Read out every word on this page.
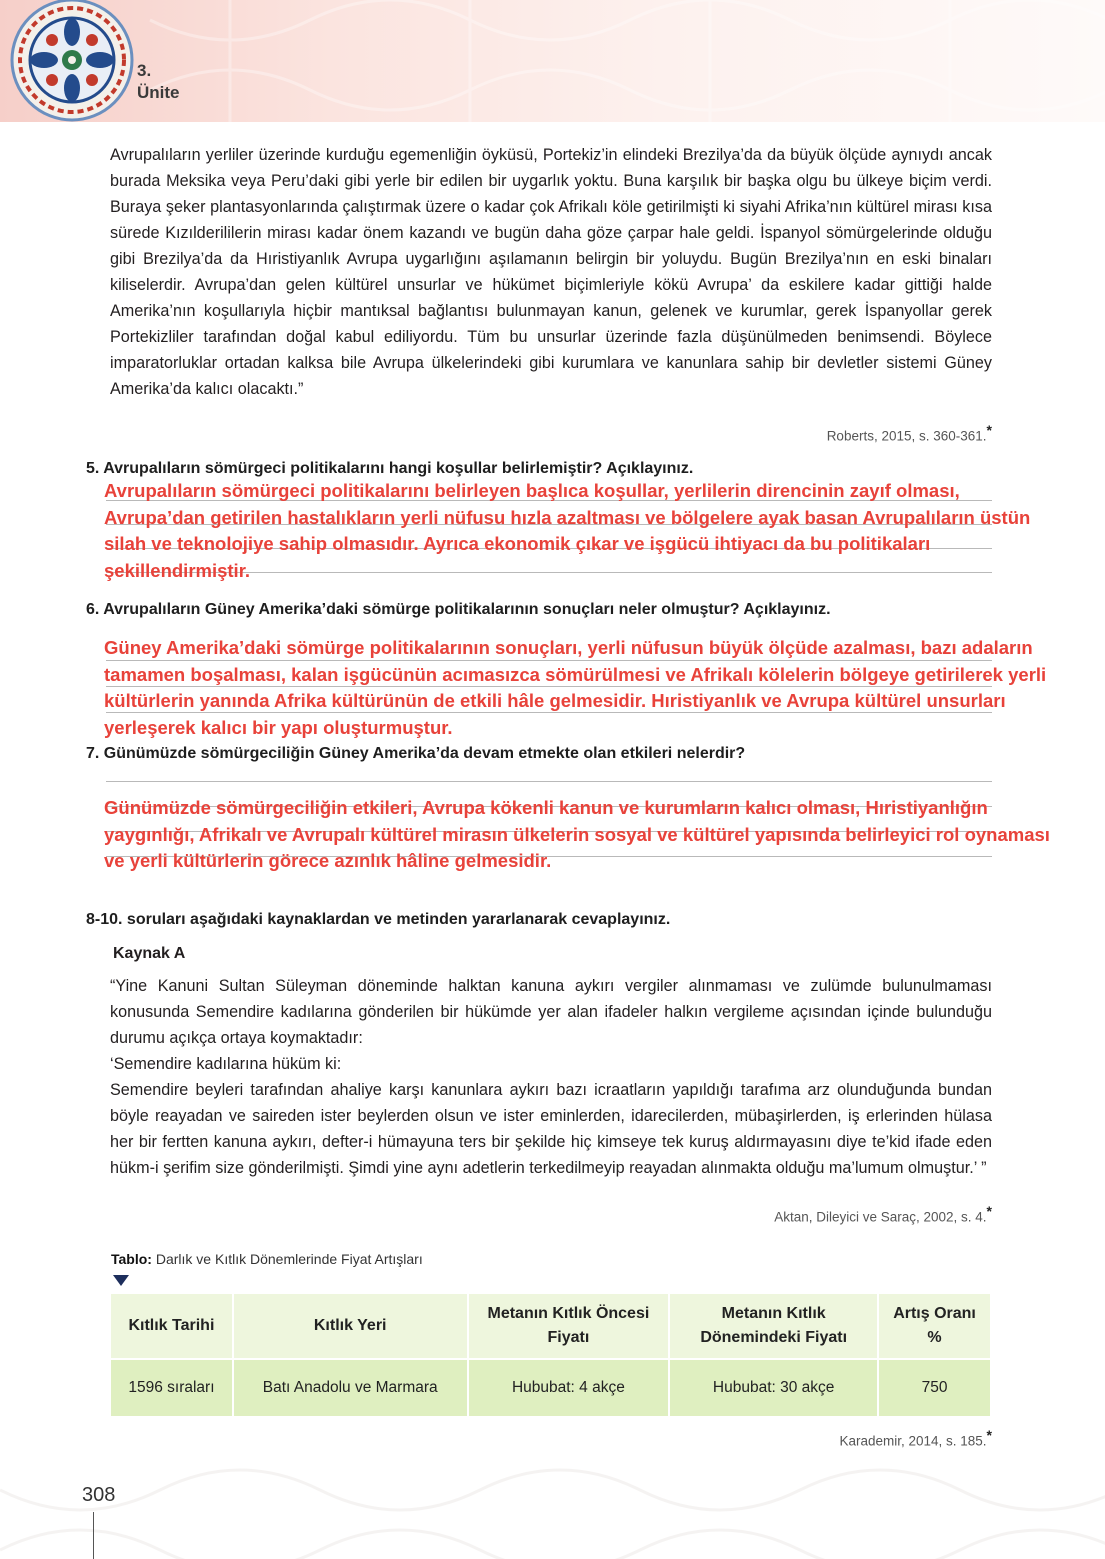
3.
Ünite
Avrupalıların yerliler üzerinde kurduğu egemenliğin öyküsü, Portekiz’in elindeki Brezilya’da da büyük ölçüde aynıydı ancak burada Meksika veya Peru’daki gibi yerle bir edilen bir uygarlık yoktu. Buna karşılık bir başka olgu bu ülkeye biçim verdi. Buraya şeker plantasyonlarında çalıştırmak üzere o kadar çok Afrikalı köle getirilmişti ki siyahi Afrika’nın kültürel mirası kısa sürede Kızılderililerin mirası kadar önem kazandı ve bugün daha göze çarpar hale geldi. İspanyol sömürgelerinde olduğu gibi Brezilya’da da Hıristiyanlık Avrupa uygarlığını aşılamanın belirgin bir yoluydu. Bugün Brezilya’nın en eski binaları kiliselerdir. Avrupa’dan gelen kültürel unsurlar ve hükümet biçimleriyle kökü Avrupa’ da eskilere kadar gittiği halde Amerika’nın koşullarıyla hiçbir mantıksal bağlantısı bulunmayan kanun, gelenek ve kurumlar, gerek İspanyollar gerek Portekizliler tarafından doğal kabul ediliyordu. Tüm bu unsurlar üzerinde fazla düşünülmeden benimsendi. Böylece imparatorluklar ortadan kalksa bile Avrupa ülkelerindeki gibi kurumlara ve kanunlara sahip bir devletler sistemi Güney Amerika’da kalıcı olacaktı.”
Roberts, 2015, s. 360-361.*
5. Avrupalıların sömürgeci politikalarını hangi koşullar belirlemiştir? Açıklayınız.
Avrupalıların sömürgeci politikalarını belirleyen başlıca koşullar, yerlilerin direncinin zayıf olması, Avrupa’dan getirilen hastalıkların yerli nüfusu hızla azaltması ve bölgelere ayak basan Avrupalıların üstün silah ve teknolojiye sahip olmasıdır. Ayrıca ekonomik çıkar ve işgücü ihtiyacı da bu politikaları şekillendirmiştir.
6. Avrupalıların Güney Amerika’daki sömürge politikalarının sonuçları neler olmuştur? Açıklayınız.
Güney Amerika’daki sömürge politikalarının sonuçları, yerli nüfusun büyük ölçüde azalması, bazı adaların tamamen boşalması, kalan işgücünün acımasızca sömürülmesi ve Afrikalı kölelerin bölgeye getirilerek yerli kültürlerin yanında Afrika kültürünün de etkili hâle gelmesidir. Hıristiyanlık ve Avrupa kültürel unsurları yerleşerek kalıcı bir yapı oluşturmuştur.
7. Günümüzde sömürgeciliğin Güney Amerika’da devam etmekte olan etkileri nelerdir?
Günümüzde sömürgeciliğin etkileri, Avrupa kökenli kanun ve kurumların kalıcı olması, Hıristiyanlığın yaygınlığı, Afrikalı ve Avrupalı kültürel mirasın ülkelerin sosyal ve kültürel yapısında belirleyici rol oynaması ve yerli kültürlerin görece azınlık hâline gelmesidir.
8-10. soruları aşağıdaki kaynaklardan ve metinden yararlanarak cevaplayınız.
Kaynak A
“Yine Kanuni Sultan Süleyman döneminde halktan kanuna aykırı vergiler alınmaması ve zulümde bulunulmaması konusunda Semendire kadılarına gönderilen bir hükümde yer alan ifadeler halkın vergileme açısından içinde bulunduğu durumu açıkça ortaya koymaktadır:
‘Semendire kadılarına hüküm ki:
Semendire beyleri tarafından ahaliye karşı kanunlara aykırı bazı icraatların yapıldığı tarafıma arz olunduğunda bundan böyle reayadan ve saireden ister beylerden olsun ve ister eminlerden, idarecilerden, mübaşirlerden, iş erlerinden hülasa her bir fertten kanuna aykırı, defter-i hümayuna ters bir şekilde hiç kimseye tek kuruş aldırmayasını diye te’kid ifade eden hükm-i şerifim size gönderilmişti. Şimdi yine aynı adetlerin terkedilmeyip reayadan alınmakta olduğu ma’lumum olmuştur.’ ”
Aktan, Dileyici ve Saraç, 2002, s. 4.*
Tablo: Darlık ve Kıtlık Dönemlerinde Fiyat Artışları
Kıtlık Tarihi	Kıtlık Yeri	Metanın Kıtlık Öncesi Fiyatı	Metanın Kıtlık Dönemindeki Fiyatı	Artış Oranı %
1596 sıraları	Batı Anadolu ve Marmara	Hububat: 4 akçe	Hububat: 30 akçe	750
Karademir, 2014, s. 185.*
308
